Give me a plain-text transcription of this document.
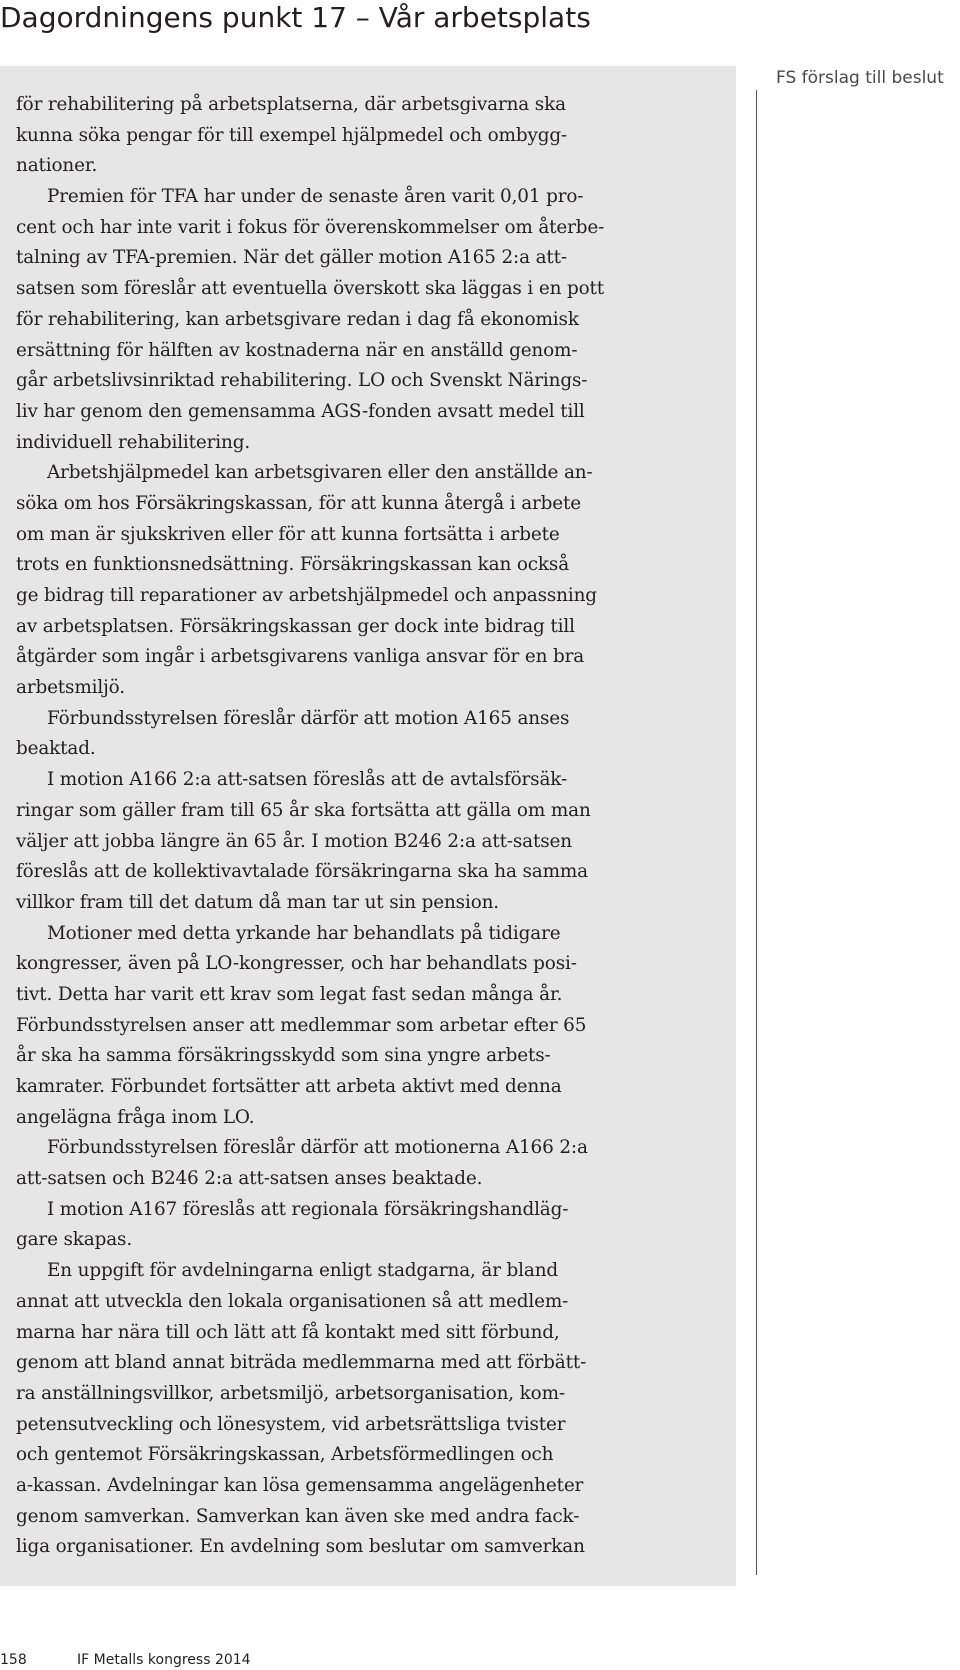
Dagordningens punkt 17 – Vår arbetsplats
för rehabilitering på arbetsplatserna, där arbetsgivarna ska
kunna söka pengar för till exempel hjälpmedel och ombygg-
nationer.
Premien för TFA har under de senaste åren varit 0,01 pro-
cent och har inte varit i fokus för överenskommelser om återbe-
talning av TFA-premien. När det gäller motion A165 2:a att-
satsen som föreslår att eventuella överskott ska läggas i en pott
för rehabilitering, kan arbetsgivare redan i dag få ekonomisk
ersättning för hälften av kostnaderna när en anställd genom-
går arbetslivsinriktad rehabilitering. LO och Svenskt Närings-
liv har genom den gemensamma AGS-fonden avsatt medel till
individuell rehabilitering.
Arbetshjälpmedel kan arbetsgivaren eller den anställde an-
söka om hos Försäkringskassan, för att kunna återgå i arbete
om man är sjukskriven eller för att kunna fortsätta i arbete
trots en funktionsnedsättning. Försäkringskassan kan också
ge bidrag till reparationer av arbetshjälpmedel och anpassning
av arbetsplatsen. Försäkringskassan ger dock inte bidrag till
åtgärder som ingår i arbetsgivarens vanliga ansvar för en bra
arbetsmiljö.
Förbundsstyrelsen föreslår därför att motion A165 anses
beaktad.
I motion A166 2:a att-satsen föreslås att de avtalsförsäk-
ringar som gäller fram till 65 år ska fortsätta att gälla om man
väljer att jobba längre än 65 år. I motion B246 2:a att-satsen
föreslås att de kollektivavtalade försäkringarna ska ha samma
villkor fram till det datum då man tar ut sin pension.
Motioner med detta yrkande har behandlats på tidigare
kongresser, även på LO-kongresser, och har behandlats posi-
tivt. Detta har varit ett krav som legat fast sedan många år.
Förbundsstyrelsen anser att medlemmar som arbetar efter 65
år ska ha samma försäkringsskydd som sina yngre arbets-
kamrater. Förbundet fortsätter att arbeta aktivt med denna
angelägna fråga inom LO.
Förbundsstyrelsen föreslår därför att motionerna A166 2:a
att-satsen och B246 2:a att-satsen anses beaktade.
I motion A167 föreslås att regionala försäkringshandläg-
gare skapas.
En uppgift för avdelningarna enligt stadgarna, är bland
annat att utveckla den lokala organisationen så att medlem-
marna har nära till och lätt att få kontakt med sitt förbund,
genom att bland annat biträda medlemmarna med att förbätt-
ra anställningsvillkor, arbetsmiljö, arbetsorganisation, kom-
petensutveckling och lönesystem, vid arbetsrättsliga tvister
och gentemot Försäkringskassan, Arbetsförmedlingen och
a-kassan. Avdelningar kan lösa gemensamma angelägenheter
genom samverkan. Samverkan kan även ske med andra fack-
liga organisationer. En avdelning som beslutar om samverkan
FS förslag till beslut
158	IF Metalls kongress 2014
